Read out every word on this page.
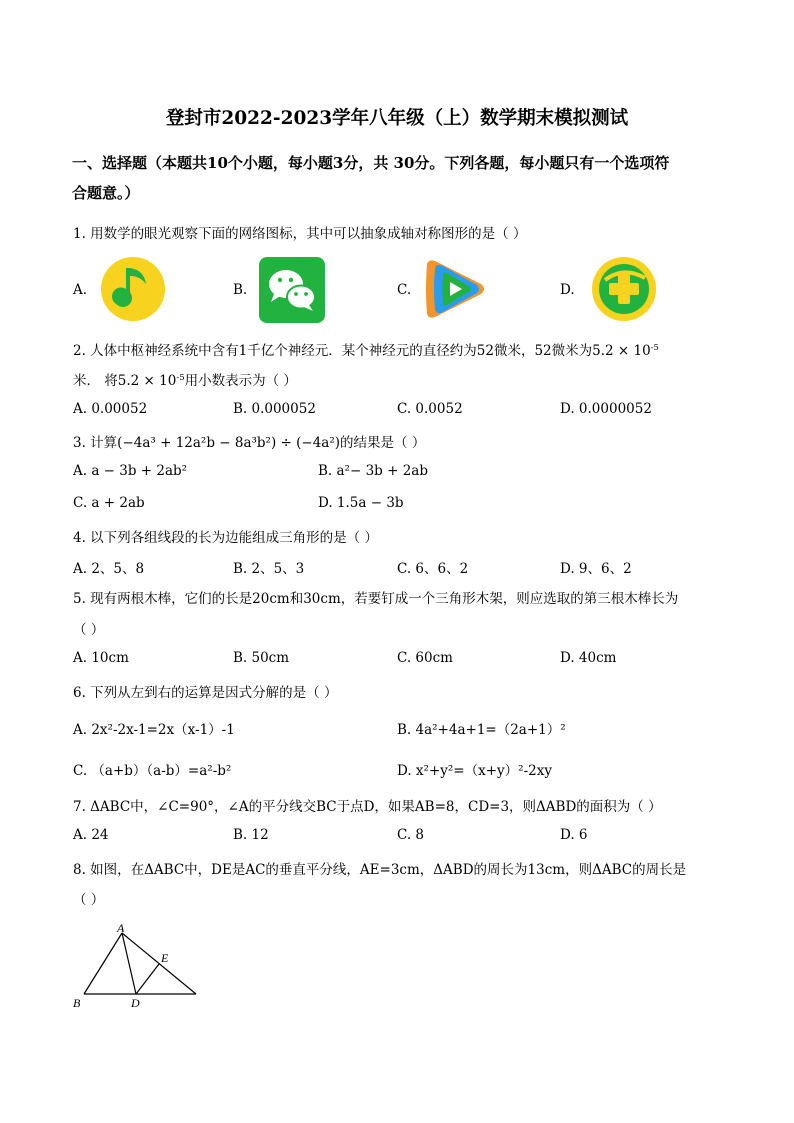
登封市2022-2023学年八年级（上）数学期末模拟测试
一、选择题（本题共10个小题，每小题3分，共 30分。下列各题，每小题只有一个选项符
合题意。）
1. 用数学的眼光观察下面的网络图标，其中可以抽象成轴对称图形的是（ ）
A.	B.	C.	D.
2. 人体中枢神经系统中含有1千亿个神经元．某个神经元的直径约为52微米，52微米为$5.2 \times 10^{-5}$
米． 将$5.2 \times 10^{-5}$用小数表示为（ ）
A. 0.00052	B. 0.000052	C. 0.0052	D. 0.0000052
3. 计算(−4a³ + 12a²b − 8a³b²) ÷ (−4a²)的结果是（ ）
A. a − 3b + 2ab²	B. a²− 3b + 2ab
C. a + 2ab	D. 1.5a − 3b
4. 以下列各组线段的长为边能组成三角形的是（ ）
A. 2、5、8	B. 2、5、3	C. 6、6、2	D. 9、6、2
5. 现有两根木棒，它们的长是20cm和30cm，若要钉成一个三角形木架，则应选取的第三根木棒长为
（ ）
A. 10cm	B. 50cm	C. 60cm	D. 40cm
6. 下列从左到右的运算是因式分解的是（ ）
A. 2x²-2x-1=2x（x-1）-1	B. 4a²+4a+1=（2a+1）²
C. （a+b）（a-b）=a²-b²	D. x²+y²=（x+y）²-2xy
7. ΔABC中，∠C=90°，∠A的平分线交BC于点D，如果AB=8，CD=3，则ΔABD的面积为（ ）
A. 24	B. 12	C. 8	D. 6
8. 如图，在ΔABC中，DE是AC的垂直平分线，AE=3cm，ΔABD的周长为13cm，则ΔABC的周长是
（ ）
A
E
B	D
